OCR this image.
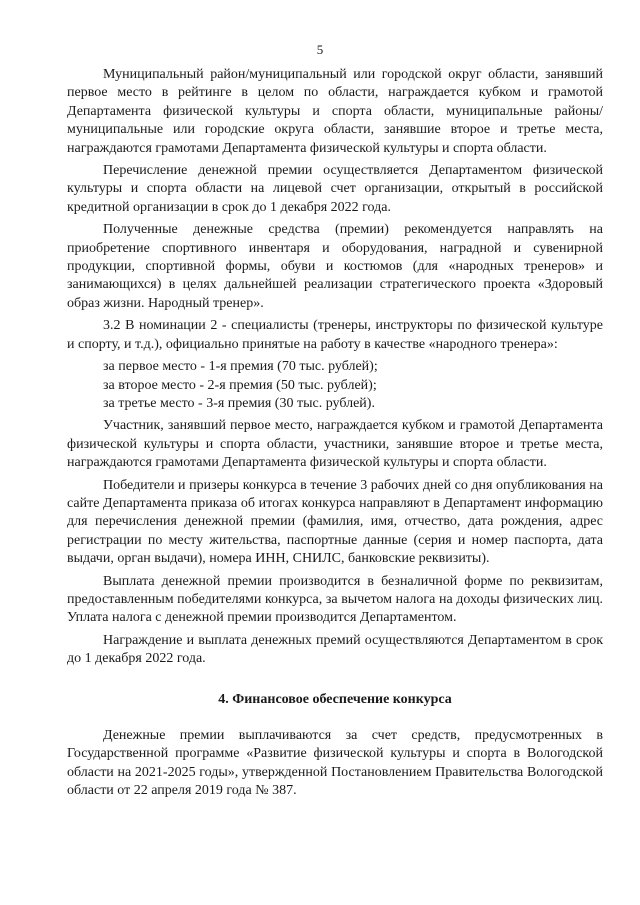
5

Муниципальный район/муниципальный или городской округ области, занявший первое место в рейтинге в целом по области, награждается кубком и грамотой Департамента физической культуры и спорта области, муниципальные районы/муниципальные или городские округа области, занявшие второе и третье места, награждаются грамотами Департамента физической культуры и спорта области.

Перечисление денежной премии осуществляется Департаментом физической культуры и спорта области на лицевой счет организации, открытый в российской кредитной организации в срок до 1 декабря 2022 года.

Полученные денежные средства (премии) рекомендуется направлять на приобретение спортивного инвентаря и оборудования, наградной и сувенирной продукции, спортивной формы, обуви и костюмов (для «народных тренеров» и занимающихся) в целях дальнейшей реализации стратегического проекта «Здоровый образ жизни. Народный тренер».

3.2 В номинации 2 - специалисты (тренеры, инструкторы по физической культуре и спорту, и т.д.), официально принятые на работу в качестве «народного тренера»:

за первое место - 1-я премия (70 тыс. рублей);

за второе место - 2-я премия (50 тыс. рублей);

за третье место - 3-я премия (30 тыс. рублей).

Участник, занявший первое место, награждается кубком и грамотой Департамента физической культуры и спорта области, участники, занявшие второе и третье места, награждаются грамотами Департамента физической культуры и спорта области.

Победители и призеры конкурса в течение 3 рабочих дней со дня опубликования на сайте Департамента приказа об итогах конкурса направляют в Департамент информацию для перечисления денежной премии (фамилия, имя, отчество, дата рождения, адрес регистрации по месту жительства, паспортные данные (серия и номер паспорта, дата выдачи, орган выдачи), номера ИНН, СНИЛС, банковские реквизиты).

Выплата денежной премии производится в безналичной форме по реквизитам, предоставленным победителями конкурса, за вычетом налога на доходы физических лиц. Уплата налога с денежной премии производится Департаментом.

Награждение и выплата денежных премий осуществляются Департаментом в срок до 1 декабря 2022 года.

4. Финансовое обеспечение конкурса

Денежные премии выплачиваются за счет средств, предусмотренных в Государственной программе «Развитие физической культуры и спорта в Вологодской области на 2021-2025 годы», утвержденной Постановлением Правительства Вологодской области от 22 апреля 2019 года № 387.
